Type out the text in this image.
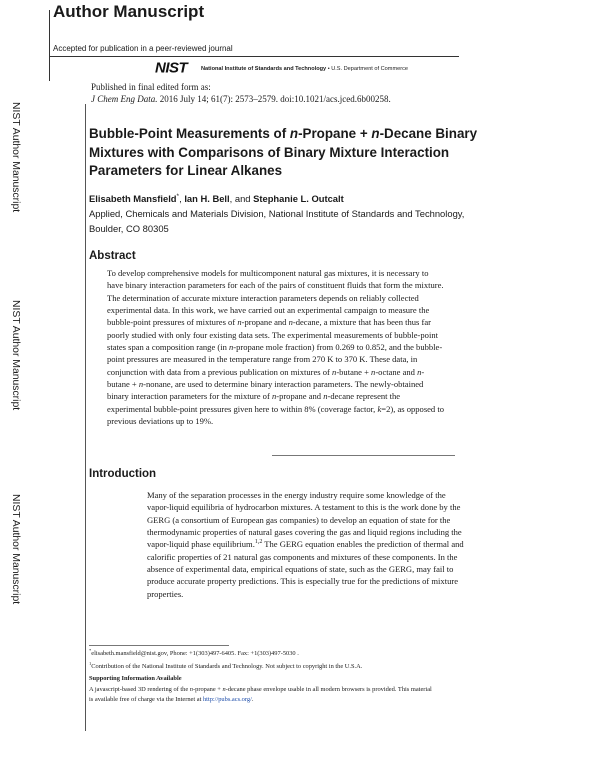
Author Manuscript
Accepted for publication in a peer-reviewed journal
NIST	National Institute of Standards and Technology • U.S. Department of Commerce
Published in final edited form as:
J Chem Eng Data. 2016 July 14; 61(7): 2573–2579. doi:10.1021/acs.jced.6b00258.
NIST Author Manuscript
NIST Author Manuscript
NIST Author Manuscript
Bubble-Point Measurements of n-Propane + n-Decane Binary
Mixtures with Comparisons of Binary Mixture Interaction
Parameters for Linear Alkanes
Elisabeth Mansfield*, Ian H. Bell, and Stephanie L. Outcalt
Applied, Chemicals and Materials Division, National Institute of Standards and Technology,
Boulder, CO 80305
Abstract
To develop comprehensive models for multicomponent natural gas mixtures, it is necessary to
have binary interaction parameters for each of the pairs of constituent fluids that form the mixture.
The determination of accurate mixture interaction parameters depends on reliably collected
experimental data. In this work, we have carried out an experimental campaign to measure the
bubble-point pressures of mixtures of n-propane and n-decane, a mixture that has been thus far
poorly studied with only four existing data sets. The experimental measurements of bubble-point
states span a composition range (in n-propane mole fraction) from 0.269 to 0.852, and the bubble-
point pressures are measured in the temperature range from 270 K to 370 K. These data, in
conjunction with data from a previous publication on mixtures of n-butane + n-octane and n-
butane + n-nonane, are used to determine binary interaction parameters. The newly-obtained
binary interaction parameters for the mixture of n-propane and n-decane represent the
experimental bubble-point pressures given here to within 8% (coverage factor, k=2), as opposed to
previous deviations up to 19%.
Introduction
Many of the separation processes in the energy industry require some knowledge of the
vapor-liquid equilibria of hydrocarbon mixtures. A testament to this is the work done by the
GERG (a consortium of European gas companies) to develop an equation of state for the
thermodynamic properties of natural gases covering the gas and liquid regions including the
vapor-liquid phase equilibrium.$^{1,2}$ The GERG equation enables the prediction of thermal and
calorific properties of 21 natural gas components and mixtures of these components. In the
absence of experimental data, empirical equations of state, such as the GERG, may fail to
produce accurate property predictions. This is especially true for the predictions of mixture
properties.
*elisabeth.mansfield@nist.gov, Phone: +1(303)497-6405. Fax: +1(303)497-5030 .
$^1$Contribution of the National Institute of Standards and Technology. Not subject to copyright in the U.S.A.
Supporting Information Available
A javascript-based 3D rendering of the n-propane + n-decane phase envelope usable in all modern browsers is provided. This material
is available free of charge via the Internet at http://pubs.acs.org/.
